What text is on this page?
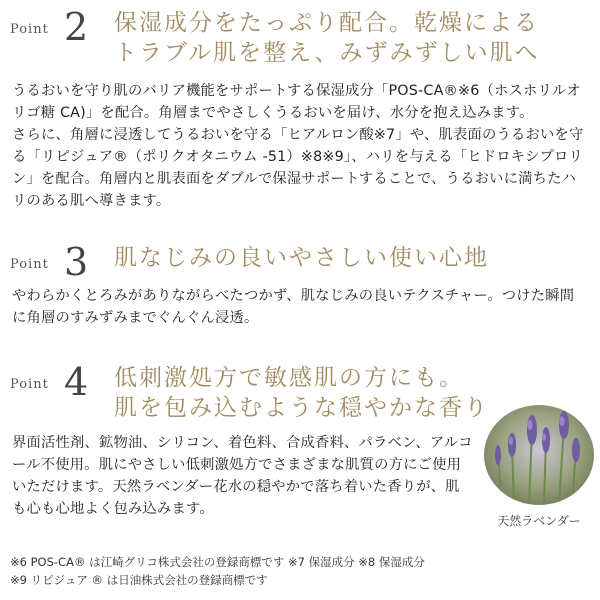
Point 2	保湿成分をたっぷり配合。乾燥による
トラブル肌を整え、みずみずしい肌へ

うるおいを守り肌のバリア機能をサポートする保湿成分「POS-CA®※6（ホスホリルオリゴ糖 CA)」を配合。角層までやさしくうるおいを届け、水分を抱え込みます。

さらに、角層に浸透してうるおいを守る「ヒアルロン酸※7」や、肌表面のうるおいを守る「リピジュア®（ポリクオタニウム -51）※8※9」、ハリを与える「ヒドロキシプロリン」を配合。角層内と肌表面をダブルで保湿サポートすることで、うるおいに満ちたハリのある肌へ導きます。

Point 3	肌なじみの良いやさしい使い心地

やわらかくとろみがありながらべたつかず、肌なじみの良いテクスチャー。つけた瞬間に角層のすみずみまでぐんぐん浸透。

Point 4	低刺激処方で敏感肌の方にも。
肌を包み込むような穏やかな香り

界面活性剤、鉱物油、シリコン、着色料、合成香料、パラベン、アルコール不使用。肌にやさしい低刺激処方でさまざまな肌質の方にご使用いただけます。天然ラベンダー花水の穏やかで落ち着いた香りが、肌も心も心地よく包み込みます。

天然ラベンダー
※6 POS-CA® は江崎グリコ株式会社の登録商標です ※7 保湿成分 ※8 保湿成分
※9 リピジュア ® は日油株式会社の登録商標です
